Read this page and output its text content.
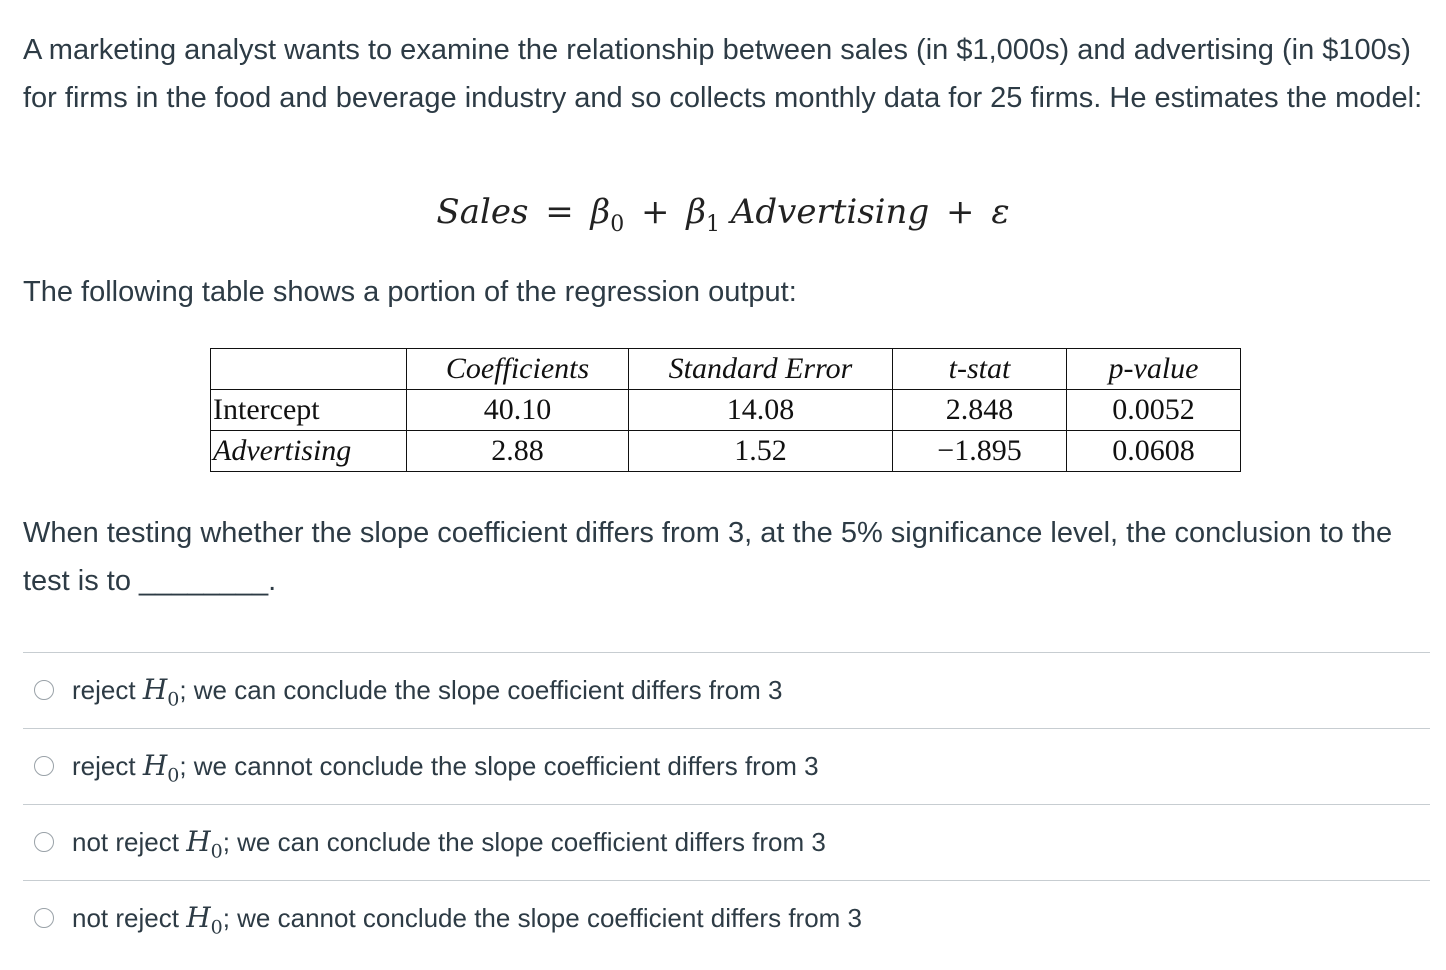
A marketing analyst wants to examine the relationship between sales (in $1,000s) and advertising (in $100s) for firms in the food and beverage industry and so collects monthly data for 25 firms. He estimates the model:

Sales = $\beta_0 + \beta_1$ Advertising + ε

The following table shows a portion of the regression output:

	Coefficients	Standard Error	t-stat	p-value
Intercept	40.10	14.08	2.848	0.0052
Advertising	2.88	1.52	−1.895	0.0608

When testing whether the slope coefficient differs from 3, at the 5% significance level, the conclusion to the test is to ________.

reject $H_0$; we can conclude the slope coefficient differs from 3
reject $H_0$; we cannot conclude the slope coefficient differs from 3
not reject $H_0$; we can conclude the slope coefficient differs from 3
not reject $H_0$; we cannot conclude the slope coefficient differs from 3
